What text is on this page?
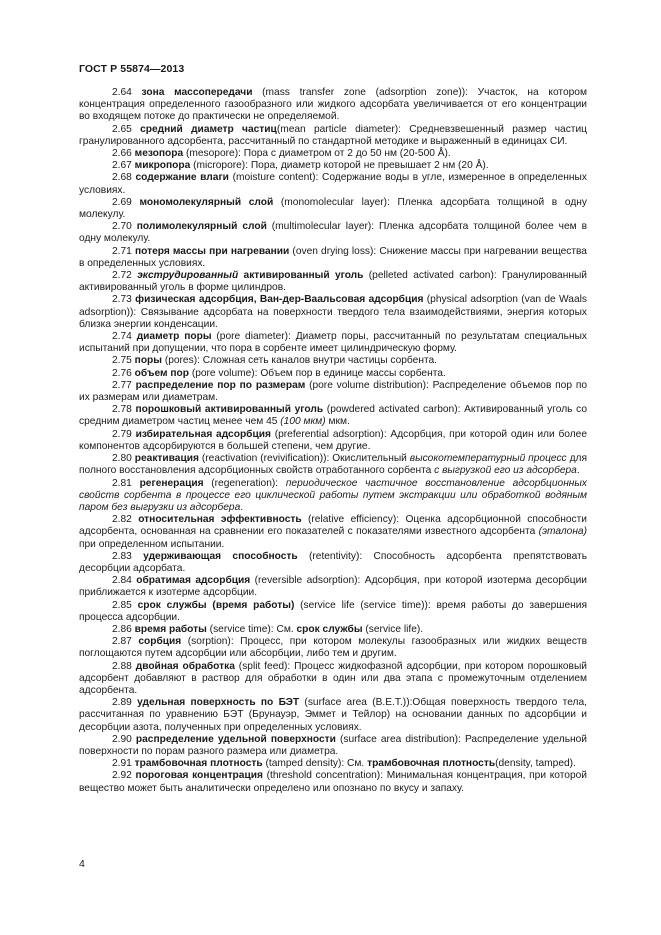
ГОСТ Р 55874—2013

2.64 зона массопередачи (mass transfer zone (adsorption zone)): Участок, на котором концентрация определенного газообразного или жидкого адсорбата увеличивается от его концентрации во входящем потоке до практически не определяемой.

2.65 средний диаметр частиц(mean particle diameter): Средневзвешенный размер частиц гранулированного адсорбента, рассчитанный по стандартной методике и выраженный в единицах СИ.

2.66 мезопора (mesopore): Пора с диаметром от 2 до 50 нм (20-500 Å).

2.67 микропора (micropore): Пора, диаметр которой не превышает 2 нм (20 Å).

2.68 содержание влаги (moisture content): Содержание воды в угле, измеренное в определенных условиях.

2.69 мономолекулярный слой (monomolecular layer): Пленка адсорбата толщиной в одну молекулу.

2.70 полимолекулярный слой (multimolecular layer): Пленка адсорбата толщиной более чем в одну молекулу.

2.71 потеря массы при нагревании (oven drying loss): Снижение массы при нагревании вещества в определенных условиях.

2.72 экструдированный активированный уголь (pelleted activated carbon): Гранулированный активированный уголь в форме цилиндров.

2.73 физическая адсорбция, Ван-дер-Ваальсовая адсорбция (physical adsorption (van de Waals adsorption)): Связывание адсорбата на поверхности твердого тела взаимодействиями, энергия которых близка энергии конденсации.

2.74 диаметр поры (pore diameter): Диаметр поры, рассчитанный по результатам специальных испытаний при допущении, что пора в сорбенте имеет цилиндрическую форму.

2.75 поры (pores): Сложная сеть каналов внутри частицы сорбента.

2.76 объем пор (pore volume): Объем пор в единице массы сорбента.

2.77 распределение пор по размерам (pore volume distribution): Распределение объемов пор по их размерам или диаметрам.

2.78 порошковый активированный уголь (powdered activated carbon): Активированный уголь со средним диаметром частиц менее чем 45 (100 мкм) мкм.

2.79 избирательная адсорбция (preferential adsorption): Адсорбция, при которой один или более компонентов адсорбируются в большей степени, чем другие.

2.80 реактивация (reactivation (revivification)): Окислительный высокотемпературный процесс для полного восстановления адсорбционных свойств отработанного сорбента с выгрузкой его из адсорбера.

2.81 регенерация (regeneration): периодическое частичное восстановление адсорбционных свойств сорбента в процессе его циклической работы путем экстракции или обработкой водяным паром без выгрузки из адсорбера.

2.82 относительная эффективность (relative efficiency): Оценка адсорбционной способности адсорбента, основанная на сравнении его показателей с показателями известного адсорбента (эталона) при определенном испытании.

2.83 удерживающая способность (retentivity): Способность адсорбента препятствовать десорбции адсорбата.

2.84 обратимая адсорбция (reversible adsorption): Адсорбция, при которой изотерма десорбции приближается к изотерме адсорбции.

2.85 срок службы (время работы) (service life (service time)): время работы до завершения процесса адсорбции.

2.86 время работы (service time): См. срок службы (service life).

2.87 сорбция (sorption): Процесс, при котором молекулы газообразных или жидких веществ поглощаются путем адсорбции или абсорбции, либо тем и другим.

2.88 двойная обработка (split feed): Процесс жидкофазной адсорбции, при котором порошковый адсорбент добавляют в раствор для обработки в один или два этапа с промежуточным отделением адсорбента.

2.89 удельная поверхность по БЭТ (surface area (B.E.T.)):Общая поверхность твердого тела, рассчитанная по уравнению БЭТ (Брунауэр, Эммет и Тейлор) на основании данных по адсорбции и десорбции азота, полученных при определенных условиях.

2.90 распределение удельной поверхности (surface area distribution): Распределение удельной поверхности по порам разного размера или диаметра.

2.91 трамбовочная плотность (tamped density): См. трамбовочная плотность(density, tamped).

2.92 пороговая концентрация (threshold concentration): Минимальная концентрация, при которой вещество может быть аналитически определено или опознано по вкусу и запаху.

4
